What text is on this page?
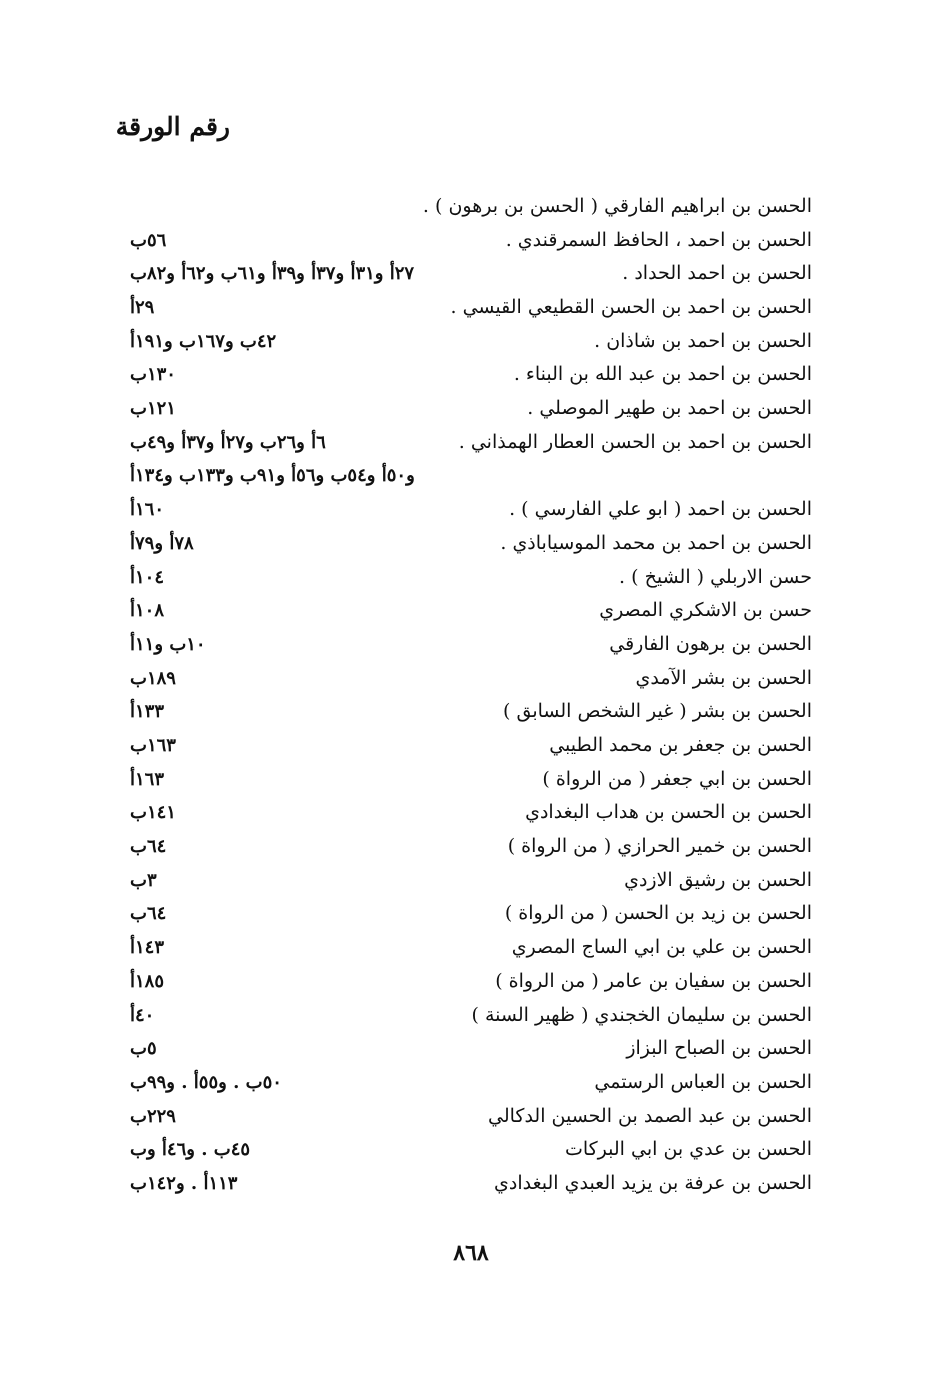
رقم الورقة
الحسن بن ابراهيم الفارقي ( الحسن بن برهون ) .
الحسن بن احمد ، الحافظ السمرقندي .
٥٦ب
الحسن بن احمد الحداد .
٢٧أ و٣١أ و٣٧أ و٣٩أ و٦١ب و٦٢أ و٨٢ب
الحسن بن احمد بن الحسن القطيعي القيسي .
٢٩أ
الحسن بن احمد بن شاذان .
٤٢ب و١٦٧ب و١٩١أ
الحسن بن احمد بن عبد الله بن البناء .
١٣٠ب
الحسن بن احمد بن طهير الموصلي .
١٢١ب
الحسن بن احمد بن الحسن العطار الهمذاني .
٦أ و٢٦ب و٢٧أ و٣٧أ و٤٩ب
و٥٠أ و٥٤ب و٥٦أ و٩١ب و١٣٣ب و١٣٤أ
الحسن بن احمد ( ابو علي الفارسي ) .
١٦٠أ
الحسن بن احمد بن محمد الموسياباذي .
٧٨أ و٧٩أ
حسن الاربلي ( الشيخ ) .
١٠٤أ
حسن بن الاشكري المصري
١٠٨أ
الحسن بن برهون الفارقي
١٠ب و١١أ
الحسن بن بشر الآمدي
١٨٩ب
الحسن بن بشر ( غير الشخص السابق )
١٣٣أ
الحسن بن جعفر بن محمد الطيبي
١٦٣ب
الحسن بن ابي جعفر ( من الرواة )
١٦٣أ
الحسن بن الحسن بن هداب البغدادي
١٤١ب
الحسن بن خمير الحرازي ( من الرواة )
٦٤ب
الحسن بن رشيق الازدي
٣ب
الحسن بن زيد بن الحسن ( من الرواة )
٦٤ب
الحسن بن علي بن ابي الساج المصري
١٤٣أ
الحسن بن سفيان بن عامر ( من الرواة )
١٨٥أ
الحسن بن سليمان الخجندي ( ظهير السنة )
٤٠أ
الحسن بن الصباح البزاز
٥ب
الحسن بن العباس الرستمي
٥٠ب . و٥٥أ . و٩٩ب
الحسن بن عبد الصمد بن الحسين الدكالي
٢٢٩ب
الحسن بن عدي بن ابي البركات
٤٥ب . و٤٦أ وب
الحسن بن عرفة بن يزيد العبدي البغدادي
١١٣أ . و١٤٢ب
٨٦٨
